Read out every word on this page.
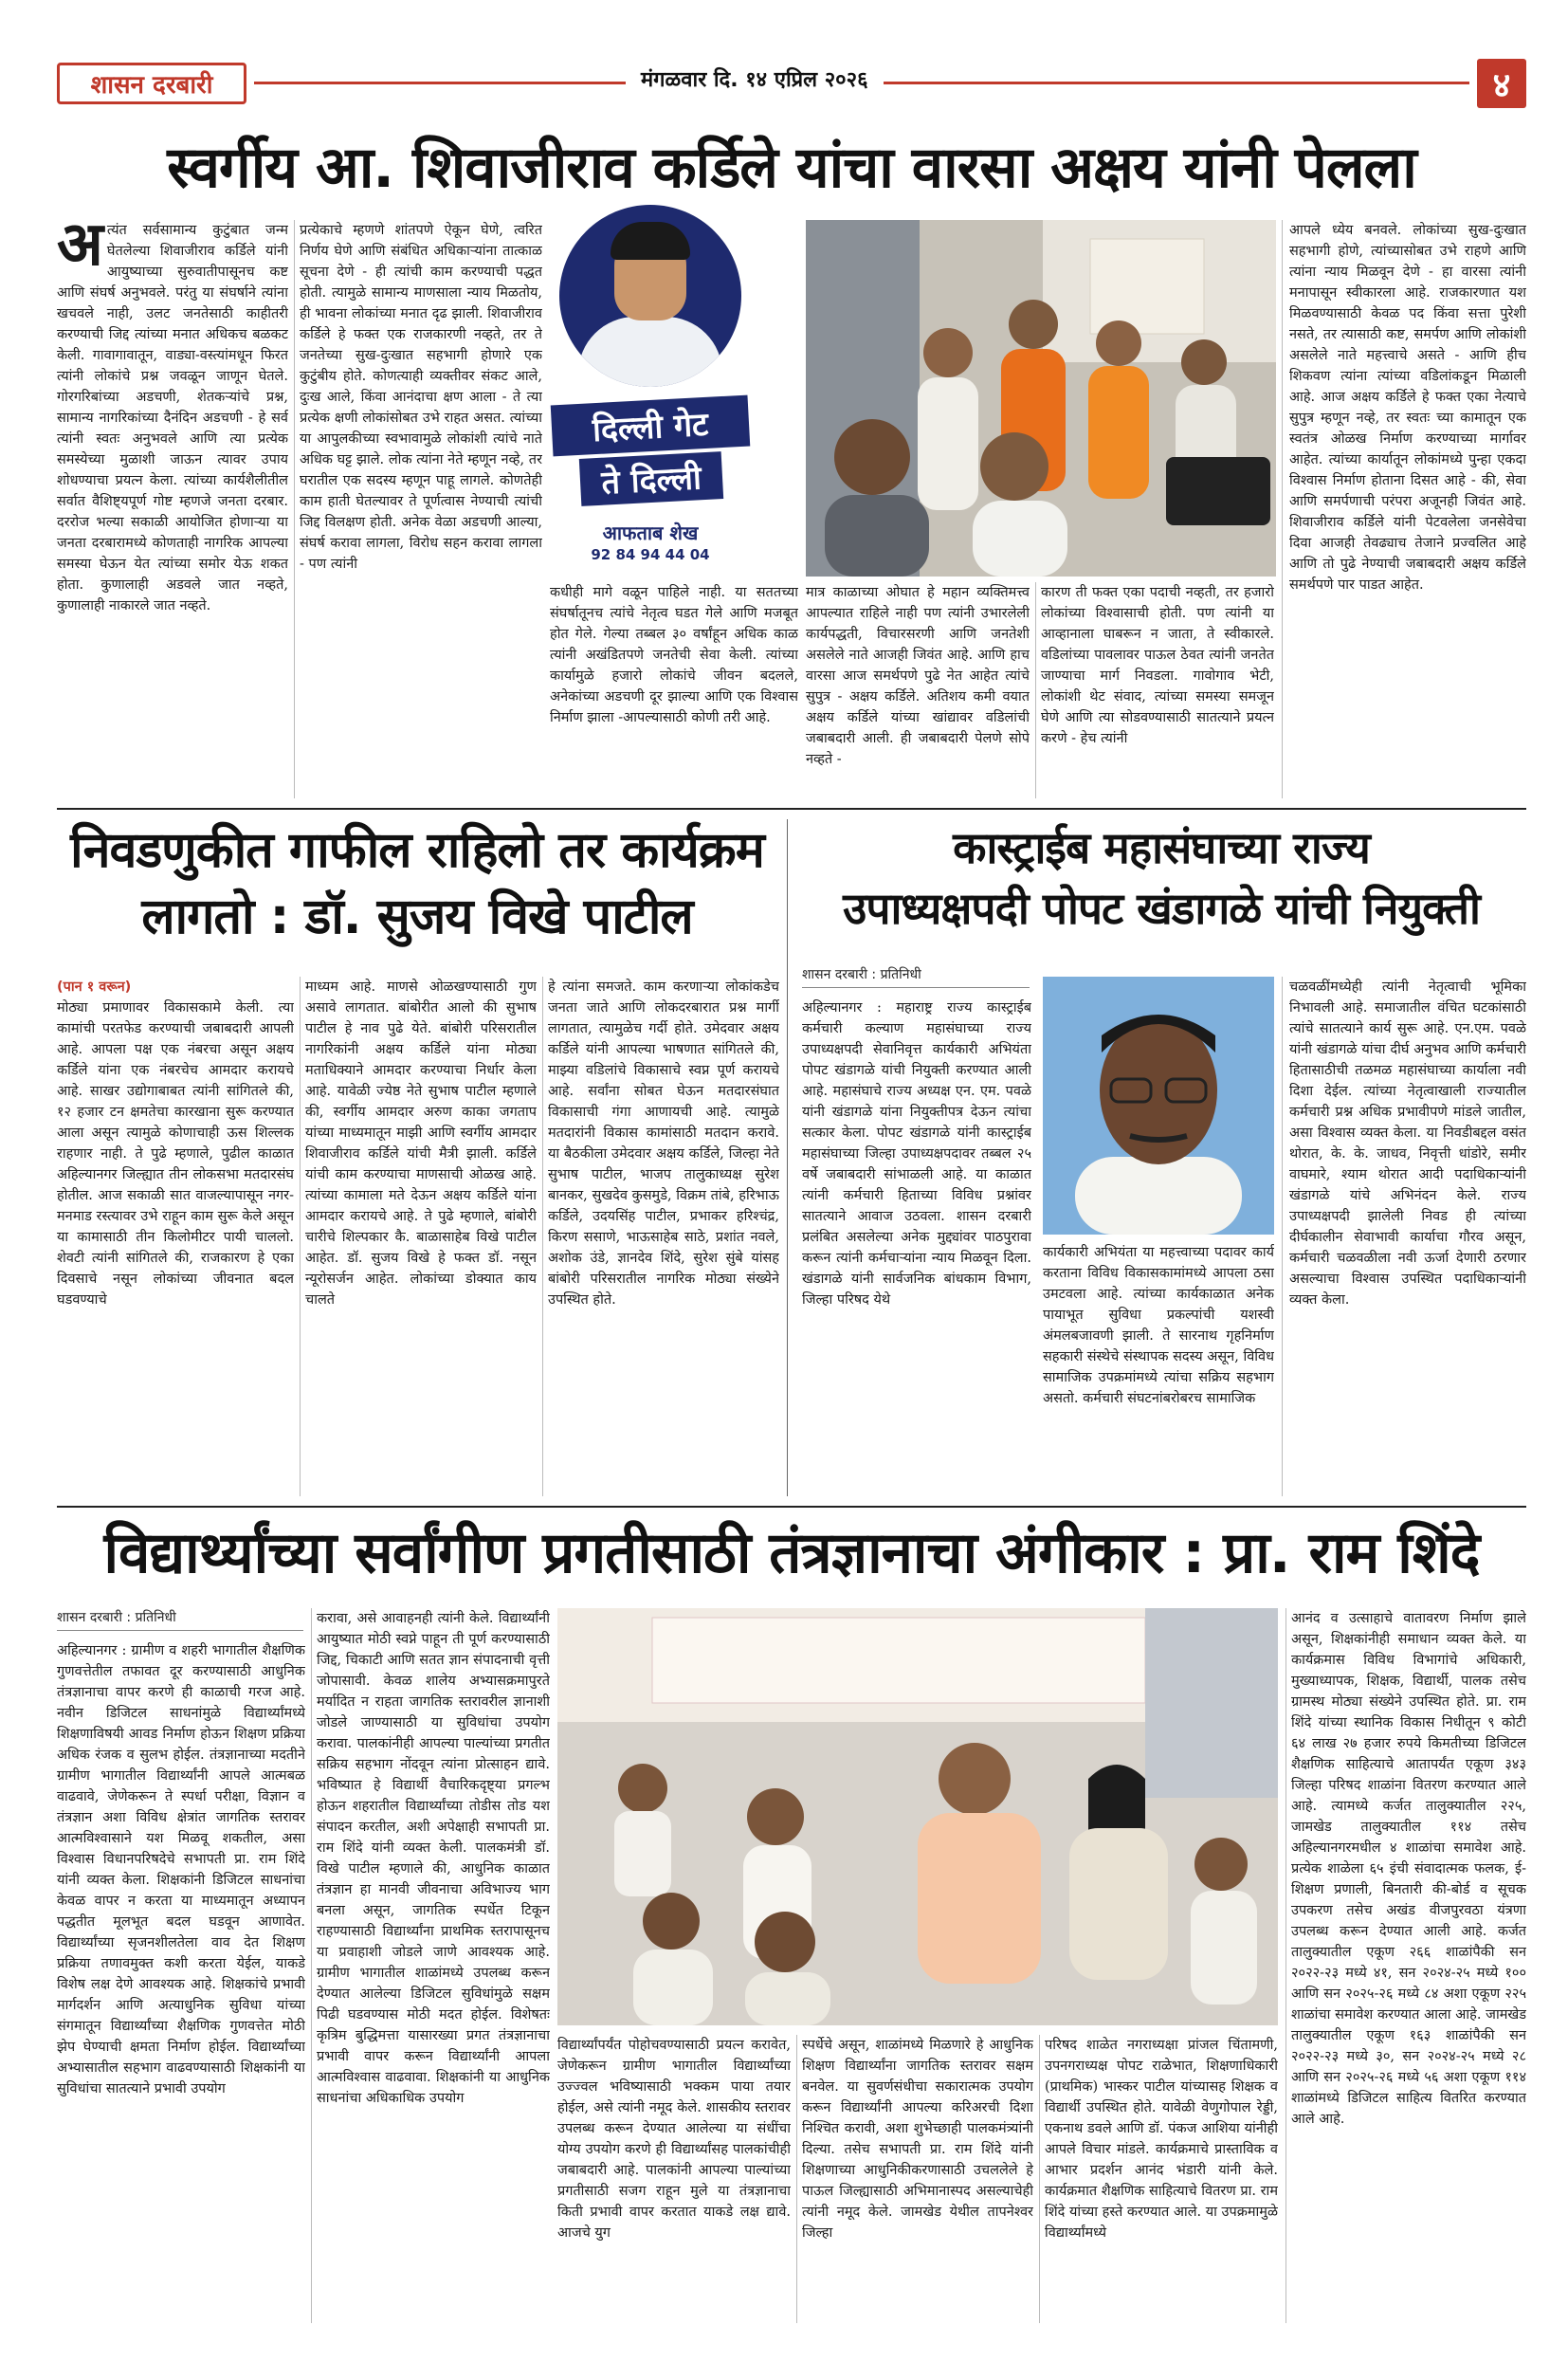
शासन दरबारी	मंगळवार दि. १४ एप्रिल २०२६	४
स्वर्गीय आ. शिवाजीराव कर्डिले यांचा वारसा अक्षय यांनी पेलला
अत्यंत सर्वसामान्य कुटुंबात जन्म घेतलेल्या शिवाजीराव कर्डिले यांनी आयुष्याच्या सुरुवातीपासूनच कष्ट आणि संघर्ष अनुभवले. परंतु या संघर्षाने त्यांना खचवले नाही, उलट जनतेसाठी काहीतरी करण्याची जिद्द त्यांच्या मनात अधिकच बळकट केली. गावागावातून, वाड्या-वस्त्यांमधून फिरत त्यांनी लोकांचे प्रश्न जवळून जाणून घेतले. गोरगरिबांच्या अडचणी, शेतकऱ्यांचे प्रश्न, सामान्य नागरिकांच्या दैनंदिन अडचणी - हे सर्व त्यांनी स्वतः अनुभवले आणि त्या प्रत्येक समस्येच्या मुळाशी जाऊन त्यावर उपाय शोधण्याचा प्रयत्न केला. त्यांच्या कार्यशैलीतील सर्वात वैशिष्ट्यपूर्ण गोष्ट म्हणजे जनता दरबार. दररोज भल्या सकाळी आयोजित होणाऱ्या या जनता दरबारामध्ये कोणताही नागरिक आपल्या समस्या घेऊन येत त्यांच्या समोर येऊ शकत होता. कुणालाही अडवले जात नव्हते, कुणालाही नाकारले जात नव्हते.
प्रत्येकाचे म्हणणे शांतपणे ऐकून घेणे, त्वरित निर्णय घेणे आणि संबंधित अधिकाऱ्यांना तात्काळ सूचना देणे - ही त्यांची काम करण्याची पद्धत होती. त्यामुळे सामान्य माणसाला न्याय मिळतोय, ही भावना लोकांच्या मनात दृढ झाली. शिवाजीराव कर्डिले हे फक्त एक राजकारणी नव्हते, तर ते जनतेच्या सुख-दुःखात सहभागी होणारे एक कुटुंबीय होते. कोणत्याही व्यक्तीवर संकट आले, दुःख आले, किंवा आनंदाचा क्षण आला - ते त्या प्रत्येक क्षणी लोकांसोबत उभे राहत असत. त्यांच्या या आपुलकीच्या स्वभावामुळे लोकांशी त्यांचे नाते अधिक घट्ट झाले. लोक त्यांना नेते म्हणून नव्हे, तर घरातील एक सदस्य म्हणून पाहू लागले. कोणतेही काम हाती घेतल्यावर ते पूर्णत्वास नेण्याची त्यांची जिद्द विलक्षण होती. अनेक वेळा अडचणी आल्या, संघर्ष करावा लागला, विरोध सहन करावा लागला - पण त्यांनी
दिल्ली गेट
ते दिल्ली
आफताब शेख
92 84 94 44 04
कधीही मागे वळून पाहिले नाही. या सततच्या संघर्षातूनच त्यांचे नेतृत्व घडत गेले आणि मजबूत होत गेले. गेल्या तब्बल ३० वर्षांहून अधिक काळ त्यांनी अखंडितपणे जनतेची सेवा केली. त्यांच्या कार्यामुळे हजारो लोकांचे जीवन बदलले, अनेकांच्या अडचणी दूर झाल्या आणि एक विश्वास निर्माण झाला -आपल्यासाठी कोणी तरी आहे.
मात्र काळाच्या ओघात हे महान व्यक्तिमत्त्व आपल्यात राहिले नाही पण त्यांनी उभारलेली कार्यपद्धती, विचारसरणी आणि जनतेशी असलेले नाते आजही जिवंत आहे. आणि हाच वारसा आज समर्थपणे पुढे नेत आहेत त्यांचे सुपुत्र - अक्षय कर्डिले. अतिशय कमी वयात अक्षय कर्डिले यांच्या खांद्यावर वडिलांची जबाबदारी आली. ही जबाबदारी पेलणे सोपे नव्हते -
कारण ती फक्त एका पदाची नव्हती, तर हजारो लोकांच्या विश्वासाची होती. पण त्यांनी या आव्हानाला घाबरून न जाता, ते स्वीकारले. वडिलांच्या पावलावर पाऊल ठेवत त्यांनी जनतेत जाण्याचा मार्ग निवडला. गावोगाव भेटी, लोकांशी थेट संवाद, त्यांच्या समस्या समजून घेणे आणि त्या सोडवण्यासाठी सातत्याने प्रयत्न करणे - हेच त्यांनी
आपले ध्येय बनवले. लोकांच्या सुख-दुःखात सहभागी होणे, त्यांच्यासोबत उभे राहणे आणि त्यांना न्याय मिळवून देणे - हा वारसा त्यांनी मनापासून स्वीकारला आहे. राजकारणात यश मिळवण्यासाठी केवळ पद किंवा सत्ता पुरेशी नसते, तर त्यासाठी कष्ट, समर्पण आणि लोकांशी असलेले नाते महत्त्वाचे असते - आणि हीच शिकवण त्यांना त्यांच्या वडिलांकडून मिळाली आहे. आज अक्षय कर्डिले हे फक्त एका नेत्याचे सुपुत्र म्हणून नव्हे, तर स्वतः च्या कामातून एक स्वतंत्र ओळख निर्माण करण्याच्या मार्गावर आहेत. त्यांच्या कार्यातून लोकांमध्ये पुन्हा एकदा विश्वास निर्माण होताना दिसत आहे - की, सेवा आणि समर्पणाची परंपरा अजूनही जिवंत आहे. शिवाजीराव कर्डिले यांनी पेटवलेला जनसेवेचा दिवा आजही तेवढ्याच तेजाने प्रज्वलित आहे आणि तो पुढे नेण्याची जबाबदारी अक्षय कर्डिले समर्थपणे पार पाडत आहेत.
निवडणुकीत गाफील राहिलो तर कार्यक्रम
लागतो : डॉ. सुजय विखे पाटील
(पान १ वरून)
मोठ्या प्रमाणावर विकासकामे केली. त्या कामांची परतफेड करण्याची जबाबदारी आपली आहे. आपला पक्ष एक नंबरचा असून अक्षय कर्डिले यांना एक नंबरचेच आमदार करायचे आहे. साखर उद्योगाबाबत त्यांनी सांगितले की, १२ हजार टन क्षमतेचा कारखाना सुरू करण्यात आला असून त्यामुळे कोणाचाही ऊस शिल्लक राहणार नाही. ते पुढे म्हणाले, पुढील काळात अहिल्यानगर जिल्ह्यात तीन लोकसभा मतदारसंघ होतील. आज सकाळी सात वाजल्यापासून नगर-मनमाड रस्त्यावर उभे राहून काम सुरू केले असून या कामासाठी तीन किलोमीटर पायी चाललो. शेवटी त्यांनी सांगितले की, राजकारण हे एका दिवसाचे नसून लोकांच्या जीवनात बदल घडवण्याचे
माध्यम आहे. माणसे ओळखण्यासाठी गुण असावे लागतात. बांबोरीत आलो की सुभाष पाटील हे नाव पुढे येते. बांबोरी परिसरातील नागरिकांनी अक्षय कर्डिले यांना मोठ्या मताधिक्याने आमदार करण्याचा निर्धार केला आहे. यावेळी ज्येष्ठ नेते सुभाष पाटील म्हणाले की, स्वर्गीय आमदार अरुण काका जगताप यांच्या माध्यमातून माझी आणि स्वर्गीय आमदार शिवाजीराव कर्डिले यांची मैत्री झाली. कर्डिले यांची काम करण्याचा माणसाची ओळख आहे. त्यांच्या कामाला मते देऊन अक्षय कर्डिले यांना आमदार करायचे आहे. ते पुढे म्हणाले, बांबोरी चारीचे शिल्पकार कै. बाळासाहेब विखे पाटील आहेत. डॉ. सुजय विखे हे फक्त डॉ. नसून न्यूरोसर्जन आहेत. लोकांच्या डोक्यात काय चालते
हे त्यांना समजते. काम करणाऱ्या लोकांकडेच जनता जाते आणि लोकदरबारात प्रश्न मार्गी लागतात, त्यामुळेच गर्दी होते. उमेदवार अक्षय कर्डिले यांनी आपल्या भाषणात सांगितले की, माझ्या वडिलांचे विकासाचे स्वप्न पूर्ण करायचे आहे. सर्वांना सोबत घेऊन मतदारसंघात विकासाची गंगा आणायची आहे. त्यामुळे मतदारांनी विकास कामांसाठी मतदान करावे. या बैठकीला उमेदवार अक्षय कर्डिले, जिल्हा नेते सुभाष पाटील, भाजप तालुकाध्यक्ष सुरेश बानकर, सुखदेव कुसमुडे, विक्रम तांबे, हरिभाऊ कर्डिले, उदयसिंह पाटील, प्रभाकर हरिश्चंद्र, किरण ससाणे, भाऊसाहेब साठे, प्रशांत नवले, अशोक उंडे, ज्ञानदेव शिंदे, सुरेश सुंबे यांसह बांबोरी परिसरातील नागरिक मोठ्या संख्येने उपस्थित होते.
कास्ट्राईब महासंघाच्या राज्य
उपाध्यक्षपदी पोपट खंडागळे यांची नियुक्ती
शासन दरबारी : प्रतिनिधी
अहिल्यानगर : महाराष्ट्र राज्य कास्ट्राईब कर्मचारी कल्याण महासंघाच्या राज्य उपाध्यक्षपदी सेवानिवृत्त कार्यकारी अभियंता पोपट खंडागळे यांची नियुक्ती करण्यात आली आहे. महासंघाचे राज्य अध्यक्ष एन. एम. पवळे यांनी खंडागळे यांना नियुक्तीपत्र देऊन त्यांचा सत्कार केला. पोपट खंडागळे यांनी कास्ट्राईब महासंघाच्या जिल्हा उपाध्यक्षपदावर तब्बल २५ वर्षे जबाबदारी सांभाळली आहे. या काळात त्यांनी कर्मचारी हिताच्या विविध प्रश्नांवर सातत्याने आवाज उठवला. शासन दरबारी प्रलंबित असलेल्या अनेक मुद्द्यांवर पाठपुरावा करून त्यांनी कर्मचाऱ्यांना न्याय मिळवून दिला. खंडागळे यांनी सार्वजनिक बांधकाम विभाग, जिल्हा परिषद येथे
कार्यकारी अभियंता या महत्त्वाच्या पदावर कार्य करताना विविध विकासकामांमध्ये आपला ठसा उमटवला आहे. त्यांच्या कार्यकाळात अनेक पायाभूत सुविधा प्रकल्पांची यशस्वी अंमलबजावणी झाली. ते सारनाथ गृहनिर्माण सहकारी संस्थेचे संस्थापक सदस्य असून, विविध सामाजिक उपक्रमांमध्ये त्यांचा सक्रिय सहभाग असतो. कर्मचारी संघटनांबरोबरच सामाजिक
चळवळींमध्येही त्यांनी नेतृत्वाची भूमिका निभावली आहे. समाजातील वंचित घटकांसाठी त्यांचे सातत्याने कार्य सुरू आहे. एन.एम. पवळे यांनी खंडागळे यांचा दीर्घ अनुभव आणि कर्मचारी हितासाठीची तळमळ महासंघाच्या कार्याला नवी दिशा देईल. त्यांच्या नेतृत्वाखाली राज्यातील कर्मचारी प्रश्न अधिक प्रभावीपणे मांडले जातील, असा विश्वास व्यक्त केला. या निवडीबद्दल वसंत थोरात, के. के. जाधव, निवृत्ती धांडोरे, समीर वाघमारे, श्याम थोरात आदी पदाधिकाऱ्यांनी खंडागळे यांचे अभिनंदन केले. राज्य उपाध्यक्षपदी झालेली निवड ही त्यांच्या दीर्घकालीन सेवाभावी कार्याचा गौरव असून, कर्मचारी चळवळीला नवी ऊर्जा देणारी ठरणार असल्याचा विश्वास उपस्थित पदाधिकाऱ्यांनी व्यक्त केला.
विद्यार्थ्यांच्या सर्वांगीण प्रगतीसाठी तंत्रज्ञानाचा अंगीकार : प्रा. राम शिंदे
शासन दरबारी : प्रतिनिधी
अहिल्यानगर : ग्रामीण व शहरी भागातील शैक्षणिक गुणवत्तेतील तफावत दूर करण्यासाठी आधुनिक तंत्रज्ञानाचा वापर करणे ही काळाची गरज आहे. नवीन डिजिटल साधनांमुळे विद्यार्थ्यांमध्ये शिक्षणाविषयी आवड निर्माण होऊन शिक्षण प्रक्रिया अधिक रंजक व सुलभ होईल. तंत्रज्ञानाच्या मदतीने ग्रामीण भागातील विद्यार्थ्यांनी आपले आत्मबळ वाढवावे, जेणेकरून ते स्पर्धा परीक्षा, विज्ञान व तंत्रज्ञान अशा विविध क्षेत्रांत जागतिक स्तरावर आत्मविश्वासाने यश मिळवू शकतील, असा विश्वास विधानपरिषदेचे सभापती प्रा. राम शिंदे यांनी व्यक्त केला. शिक्षकांनी डिजिटल साधनांचा केवळ वापर न करता या माध्यमातून अध्यापन पद्धतीत मूलभूत बदल घडवून आणावेत. विद्यार्थ्यांच्या सृजनशीलतेला वाव देत शिक्षण प्रक्रिया तणावमुक्त कशी करता येईल, याकडे विशेष लक्ष देणे आवश्यक आहे. शिक्षकांचे प्रभावी मार्गदर्शन आणि अत्याधुनिक सुविधा यांच्या संगमातून विद्यार्थ्यांच्या शैक्षणिक गुणवत्तेत मोठी झेप घेण्याची क्षमता निर्माण होईल. विद्यार्थ्यांच्या अभ्यासातील सहभाग वाढवण्यासाठी शिक्षकांनी या सुविधांचा सातत्याने प्रभावी उपयोग
करावा, असे आवाहनही त्यांनी केले. विद्यार्थ्यांनी आयुष्यात मोठी स्वप्ने पाहून ती पूर्ण करण्यासाठी जिद्द, चिकाटी आणि सतत ज्ञान संपादनाची वृत्ती जोपासावी. केवळ शालेय अभ्यासक्रमापुरते मर्यादित न राहता जागतिक स्तरावरील ज्ञानाशी जोडले जाण्यासाठी या सुविधांचा उपयोग करावा. पालकांनीही आपल्या पाल्यांच्या प्रगतीत सक्रिय सहभाग नोंदवून त्यांना प्रोत्साहन द्यावे. भविष्यात हे विद्यार्थी वैचारिकदृष्ट्या प्रगल्भ होऊन शहरातील विद्यार्थ्यांच्या तोडीस तोड यश संपादन करतील, अशी अपेक्षाही सभापती प्रा. राम शिंदे यांनी व्यक्त केली. पालकमंत्री डॉ. विखे पाटील म्हणाले की, आधुनिक काळात तंत्रज्ञान हा मानवी जीवनाचा अविभाज्य भाग बनला असून, जागतिक स्पर्धेत टिकून राहण्यासाठी विद्यार्थ्यांना प्राथमिक स्तरापासूनच या प्रवाहाशी जोडले जाणे आवश्यक आहे. ग्रामीण भागातील शाळांमध्ये उपलब्ध करून देण्यात आलेल्या डिजिटल सुविधांमुळे सक्षम पिढी घडवण्यास मोठी मदत होईल. विशेषतः कृत्रिम बुद्धिमत्ता यासारख्या प्रगत तंत्रज्ञानाचा प्रभावी वापर करून विद्यार्थ्यांनी आपला आत्मविश्वास वाढवावा. शिक्षकांनी या आधुनिक साधनांचा अधिकाधिक उपयोग
विद्यार्थ्यांपर्यंत पोहोचवण्यासाठी प्रयत्न करावेत, जेणेकरून ग्रामीण भागातील विद्यार्थ्यांच्या उज्ज्वल भविष्यासाठी भक्कम पाया तयार होईल, असे त्यांनी नमूद केले. शासकीय स्तरावर उपलब्ध करून देण्यात आलेल्या या संधींचा योग्य उपयोग करणे ही विद्यार्थ्यांसह पालकांचीही जबाबदारी आहे. पालकांनी आपल्या पाल्यांच्या प्रगतीसाठी सजग राहून मुले या तंत्रज्ञानाचा किती प्रभावी वापर करतात याकडे लक्ष द्यावे. आजचे युग
स्पर्धेचे असून, शाळांमध्ये मिळणारे हे आधुनिक शिक्षण विद्यार्थ्यांना जागतिक स्तरावर सक्षम बनवेल. या सुवर्णसंधीचा सकारात्मक उपयोग करून विद्यार्थ्यांनी आपल्या करिअरची दिशा निश्चित करावी, अशा शुभेच्छाही पालकमंत्र्यांनी दिल्या. तसेच सभापती प्रा. राम शिंदे यांनी शिक्षणाच्या आधुनिकीकरणासाठी उचललेले हे पाऊल जिल्ह्यासाठी अभिमानास्पद असल्याचेही त्यांनी नमूद केले. जामखेड येथील तापनेश्वर जिल्हा
परिषद शाळेत नगराध्यक्षा प्रांजल चिंतामणी, उपनगराध्यक्ष पोपट राळेभात, शिक्षणाधिकारी (प्राथमिक) भास्कर पाटील यांच्यासह शिक्षक व विद्यार्थी उपस्थित होते. यावेळी वेणुगोपाल रेड्डी, एकनाथ डवले आणि डॉ. पंकज आशिया यांनीही आपले विचार मांडले. कार्यक्रमाचे प्रास्ताविक व आभार प्रदर्शन आनंद भंडारी यांनी केले. कार्यक्रमात शैक्षणिक साहित्याचे वितरण प्रा. राम शिंदे यांच्या हस्ते करण्यात आले. या उपक्रमामुळे विद्यार्थ्यांमध्ये
आनंद व उत्साहाचे वातावरण निर्माण झाले असून, शिक्षकांनीही समाधान व्यक्त केले. या कार्यक्रमास विविध विभागांचे अधिकारी, मुख्याध्यापक, शिक्षक, विद्यार्थी, पालक तसेच ग्रामस्थ मोठ्या संख्येने उपस्थित होते. प्रा. राम शिंदे यांच्या स्थानिक विकास निधीतून ९ कोटी ६४ लाख २७ हजार रुपये किमतीच्या डिजिटल शैक्षणिक साहित्याचे आतापर्यंत एकूण ३४३ जिल्हा परिषद शाळांना वितरण करण्यात आले आहे. त्यामध्ये कर्जत तालुक्यातील २२५, जामखेड तालुक्यातील ११४ तसेच अहिल्यानगरमधील ४ शाळांचा समावेश आहे. प्रत्येक शाळेला ६५ इंची संवादात्मक फलक, ई-शिक्षण प्रणाली, बिनतारी की-बोर्ड व सूचक उपकरण तसेच अखंड वीजपुरवठा यंत्रणा उपलब्ध करून देण्यात आली आहे. कर्जत तालुक्यातील एकूण २६६ शाळांपैकी सन २०२२-२३ मध्ये ४१, सन २०२४-२५ मध्ये १०० आणि सन २०२५-२६ मध्ये ८४ अशा एकूण २२५ शाळांचा समावेश करण्यात आला आहे. जामखेड तालुक्यातील एकूण १६३ शाळांपैकी सन २०२२-२३ मध्ये ३०, सन २०२४-२५ मध्ये २८ आणि सन २०२५-२६ मध्ये ५६ अशा एकूण ११४ शाळांमध्ये डिजिटल साहित्य वितरित करण्यात आले आहे.
